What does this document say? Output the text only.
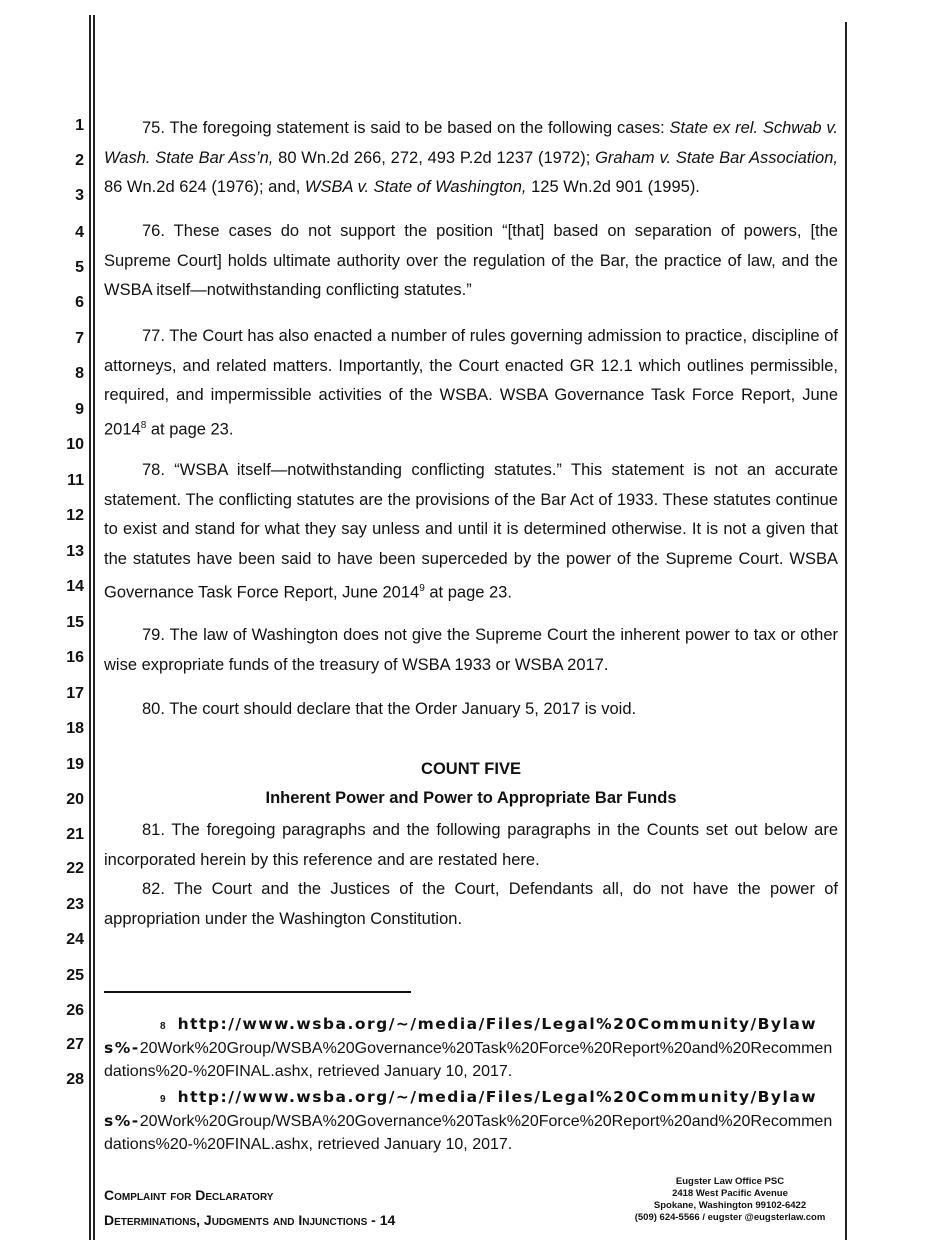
1
2
3
4
5
6
7
8
9
10
11
12
13
14
15
16
17
18
19
20
21
22
23
24
25
26
27
28
75. The foregoing statement is said to be based on the following cases: State ex rel. Schwab v. Wash. State Bar Ass’n, 80 Wn.2d 266, 272, 493 P.2d 1237 (1972); Graham v. State Bar Association, 86 Wn.2d 624 (1976); and, WSBA v. State of Washington, 125 Wn.2d 901 (1995).
76. These cases do not support the position “[that] based on separation of powers, [the Supreme Court] holds ultimate authority over the regulation of the Bar, the practice of law, and the WSBA itself—notwithstanding conflicting statutes.”
77. The Court has also enacted a number of rules governing admission to practice, discipline of attorneys, and related matters. Importantly, the Court enacted GR 12.1 which outlines permissible, required, and impermissible activities of the WSBA. WSBA Governance Task Force Report, June 2014$^8$ at page 23.
78. “WSBA itself—notwithstanding conflicting statutes.” This statement is not an accurate statement. The conflicting statutes are the provisions of the Bar Act of 1933. These statutes continue to exist and stand for what they say unless and until it is determined otherwise. It is not a given that the statutes have been said to have been superceded by the power of the Supreme Court. WSBA Governance Task Force Report, June 2014$^9$ at page 23.
79. The law of Washington does not give the Supreme Court the inherent power to tax or other wise expropriate funds of the treasury of WSBA 1933 or WSBA 2017.
80. The court should declare that the Order January 5, 2017 is void.
COUNT FIVE
Inherent Power and Power to Appropriate Bar Funds
81. The foregoing paragraphs and the following paragraphs in the Counts set out below are incorporated herein by this reference and are restated here.
82. The Court and the Justices of the Court, Defendants all, do not have the power of appropriation under the Washington Constitution.
$^8$ http://www.wsba.org/~/media/Files/Legal%20Community/Bylaws%-20Work%20Group/WSBA%20Governance%20Task%20Force%20Report%20and%20Recommendations%20-%20FINAL.ashx, retrieved January 10, 2017.
$^9$ http://www.wsba.org/~/media/Files/Legal%20Community/Bylaws%-20Work%20Group/WSBA%20Governance%20Task%20Force%20Report%20and%20Recommendations%20-%20FINAL.ashx, retrieved January 10, 2017.
Complaint for Declaratory
Determinations, Judgments and Injunctions - 14
Eugster Law Office PSC
2418 West Pacific Avenue
Spokane, Washington 99102-6422
(509) 624-5566 / eugster @eugsterlaw.com
